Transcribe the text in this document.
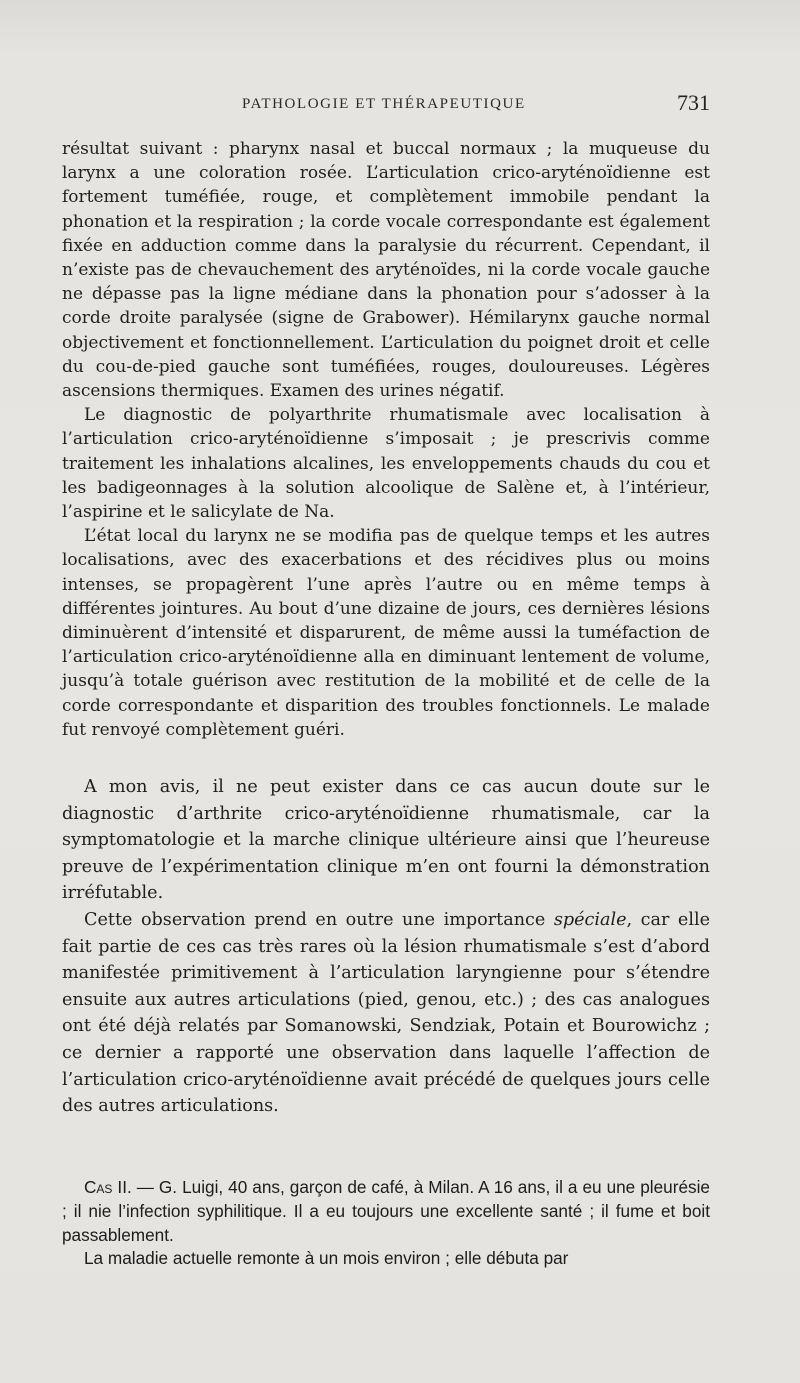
PATHOLOGIE ET THÉRAPEUTIQUE	731

résultat suivant : pharynx nasal et buccal normaux ; la muqueuse du larynx a une coloration rosée. L’articulation crico-aryténoïdienne est fortement tuméfiée, rouge, et complètement immobile pendant la phonation et la respiration ; la corde vocale correspondante est également fixée en adduction comme dans la paralysie du récurrent. Cependant, il n’existe pas de chevauchement des aryténoïdes, ni la corde vocale gauche ne dépasse pas la ligne médiane dans la phonation pour s’adosser à la corde droite paralysée (signe de Grabower). Hémilarynx gauche normal objectivement et fonctionnellement. L’articulation du poignet droit et celle du cou-de-pied gauche sont tuméfiées, rouges, douloureuses. Légères ascensions thermiques. Examen des urines négatif.

Le diagnostic de polyarthrite rhumatismale avec localisation à l’articulation crico-aryténoïdienne s’imposait ; je prescrivis comme traitement les inhalations alcalines, les enveloppements chauds du cou et les badigeonnages à la solution alcoolique de Salène et, à l’intérieur, l’aspirine et le salicylate de Na.

L’état local du larynx ne se modifia pas de quelque temps et les autres localisations, avec des exacerbations et des récidives plus ou moins intenses, se propagèrent l’une après l’autre ou en même temps à différentes jointures. Au bout d’une dizaine de jours, ces dernières lésions diminuèrent d’intensité et disparurent, de même aussi la tuméfaction de l’articulation crico-aryténoïdienne alla en diminuant lentement de volume, jusqu’à totale guérison avec restitution de la mobilité et de celle de la corde correspondante et disparition des troubles fonctionnels. Le malade fut renvoyé complètement guéri.

A mon avis, il ne peut exister dans ce cas aucun doute sur le diagnostic d’arthrite crico-aryténoïdienne rhumatismale, car la symptomatologie et la marche clinique ultérieure ainsi que l’heureuse preuve de l’expérimentation clinique m’en ont fourni la démonstration irréfutable.

Cette observation prend en outre une importance spéciale, car elle fait partie de ces cas très rares où la lésion rhumatismale s’est d’abord manifestée primitivement à l’articulation laryngienne pour s’étendre ensuite aux autres articulations (pied, genou, etc.) ; des cas analogues ont été déjà relatés par Somanowski, Sendziak, Potain et Bourowichz ; ce dernier a rapporté une observation dans laquelle l’affection de l’articulation crico-aryténoïdienne avait précédé de quelques jours celle des autres articulations.

Cas II. — G. Luigi, 40 ans, garçon de café, à Milan. A 16 ans, il a eu une pleurésie ; il nie l’infection syphilitique. Il a eu toujours une excellente santé ; il fume et boit passablement.

La maladie actuelle remonte à un mois environ ; elle débuta par
